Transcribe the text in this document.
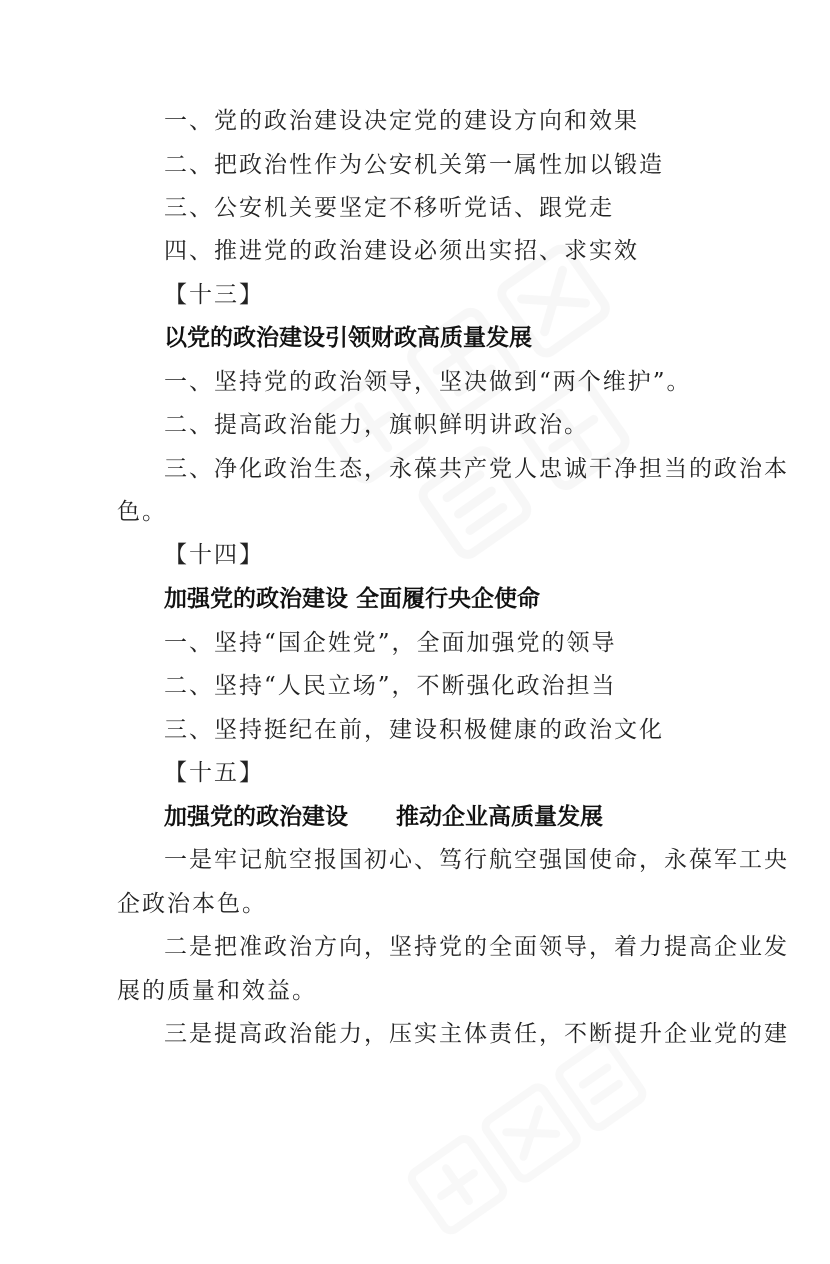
一、党的政治建设决定党的建设方向和效果
二、把政治性作为公安机关第一属性加以锻造
三、公安机关要坚定不移听党话、跟党走
四、推进党的政治建设必须出实招、求实效
【十三】
以党的政治建设引领财政高质量发展
一、坚持党的政治领导，坚决做到“两个维护”。
二、提高政治能力，旗帜鲜明讲政治。
三、净化政治生态，永葆共产党人忠诚干净担当的政治本
色。
【十四】
加强党的政治建设 全面履行央企使命
一、坚持“国企姓党”，全面加强党的领导
二、坚持“人民立场”，不断强化政治担当
三、坚持挺纪在前，建设积极健康的政治文化
【十五】
加强党的政治建设      推动企业高质量发展
一是牢记航空报国初心、笃行航空强国使命，永葆军工央
企政治本色。
二是把准政治方向，坚持党的全面领导，着力提高企业发
展的质量和效益。
三是提高政治能力，压实主体责任，不断提升企业党的建
